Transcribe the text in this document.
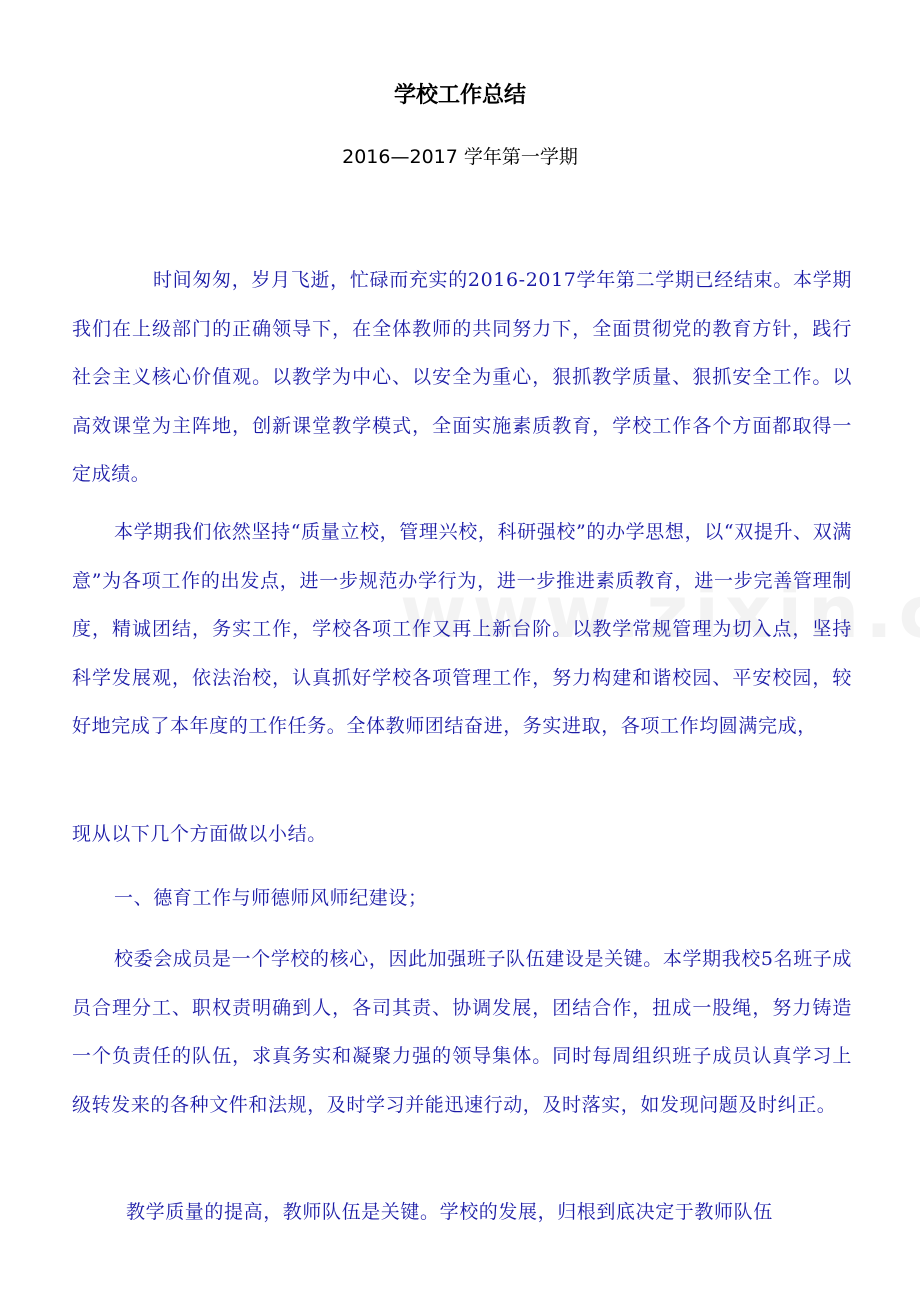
学校工作总结
2016—2017 学年第一学期

时间匆匆，岁月飞逝，忙碌而充实的2016-2017学年第二学期已经结束。本学期我们在上级部门的正确领导下，在全体教师的共同努力下，全面贯彻党的教育方针，践行社会主义核心价值观。以教学为中心、以安全为重心，狠抓教学质量、狠抓安全工作。以高效课堂为主阵地，创新课堂教学模式，全面实施素质教育，学校工作各个方面都取得一定成绩。

本学期我们依然坚持“质量立校，管理兴校，科研强校”的办学思想，以“双提升、双满意”为各项工作的出发点，进一步规范办学行为，进一步推进素质教育，进一步完善管理制度，精诚团结，务实工作，学校各项工作又再上新台阶。以教学常规管理为切入点，坚持科学发展观，依法治校，认真抓好学校各项管理工作，努力构建和谐校园、平安校园，较好地完成了本年度的工作任务。全体教师团结奋进，务实进取，各项工作均圆满完成，

现从以下几个方面做以小结。

一、德育工作与师德师风师纪建设；

校委会成员是一个学校的核心，因此加强班子队伍建设是关键。本学期我校5名班子成员合理分工、职权责明确到人，各司其责、协调发展，团结合作，扭成一股绳，努力铸造一个负责任的队伍，求真务实和凝聚力强的领导集体。同时每周组织班子成员认真学习上级转发来的各种文件和法规，及时学习并能迅速行动，及时落实，如发现问题及时纠正。

教学质量的提高，教师队伍是关键。学校的发展，归根到底决定于教师队伍
